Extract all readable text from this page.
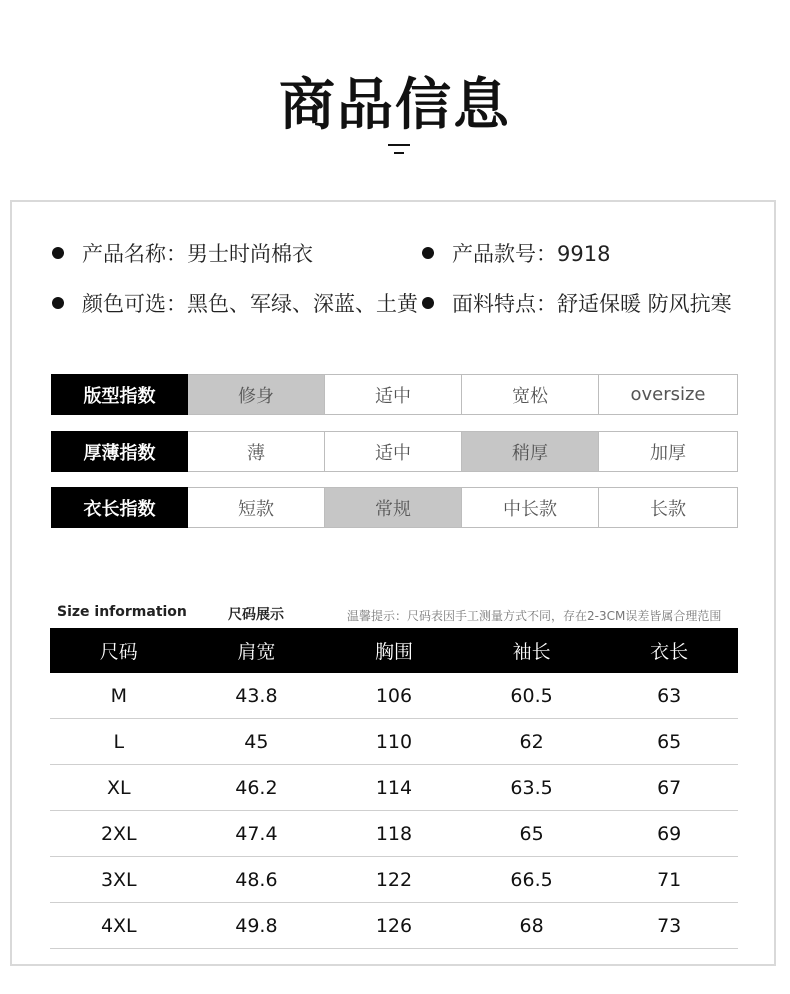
商品信息
产品名称：男士时尚棉衣	产品款号：9918
颜色可选：黑色、军绿、深蓝、土黄	面料特点：舒适保暖 防风抗寒
版型指数	修身	适中	宽松	oversize
厚薄指数	薄	适中	稍厚	加厚
衣长指数	短款	常规	中长款	长款
Size information	尺码展示	温馨提示：尺码表因手工测量方式不同，存在2-3CM误差皆属合理范围
尺码	肩宽	胸围	袖长	衣长
M	43.8	106	60.5	63
L	45	110	62	65
XL	46.2	114	63.5	67
2XL	47.4	118	65	69
3XL	48.6	122	66.5	71
4XL	49.8	126	68	73
